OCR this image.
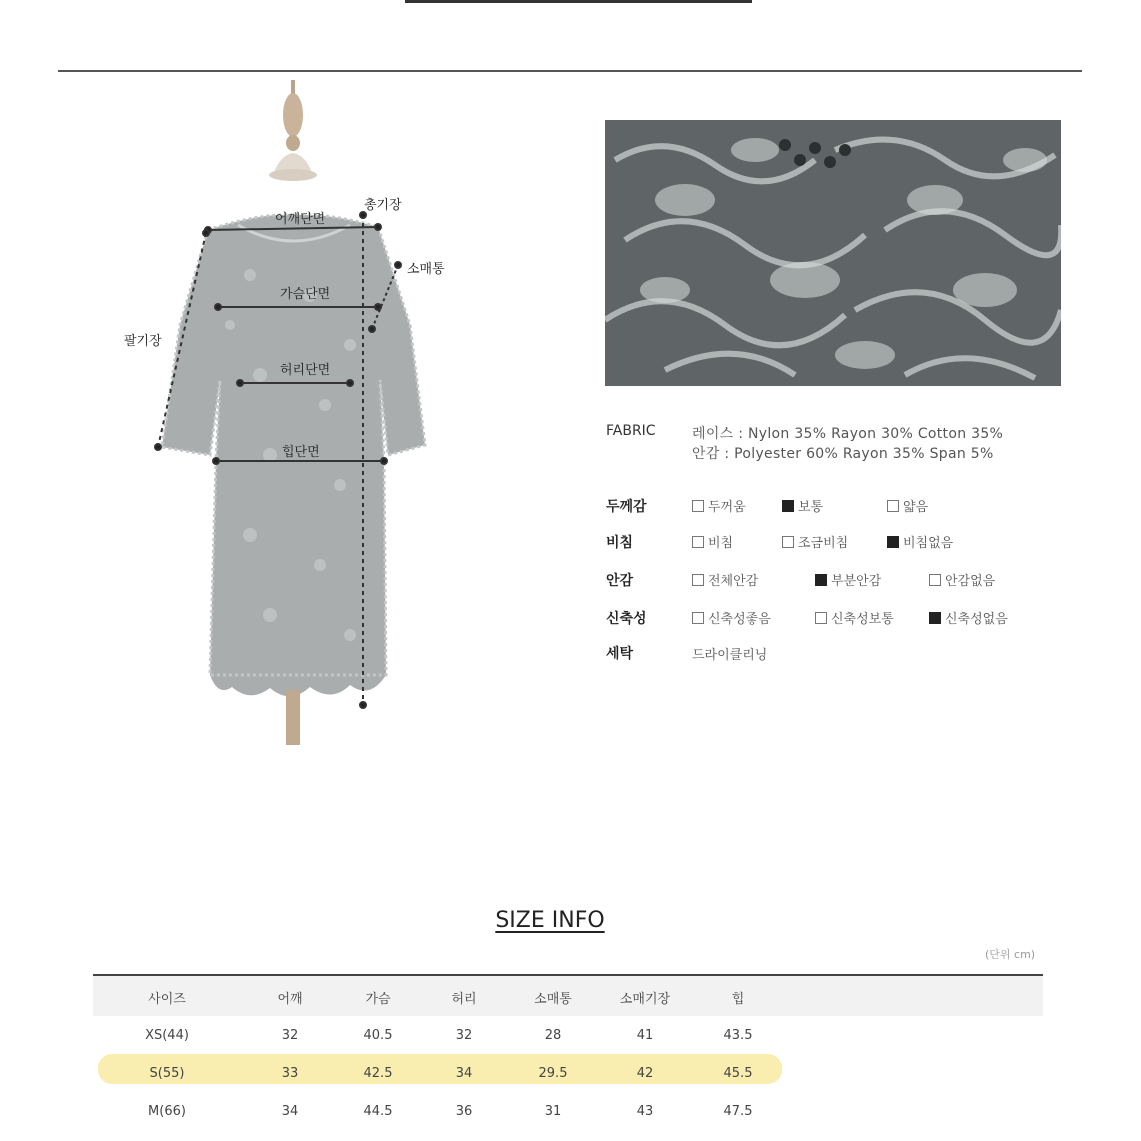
어깨단면
총기장
소매통
가슴단면
팔기장
허리단면
힙단면
FABRIC	레이스 : Nylon 35% Rayon 30% Cotton 35%
안감 : Polyester 60% Rayon 35% Span 5%
두께감	두꺼움	보통	얇음
비침	비침	조금비침	비침없음
안감	전체안감	부분안감	안감없음
신축성	신축성좋음	신축성보통	신축성없음
세탁	드라이클리닝
SIZE INFO
(단위 cm)
사이즈	어깨	가슴	허리	소매통	소매기장	힙
XS(44)	32	40.5	32	28	41	43.5
S(55)	33	42.5	34	29.5	42	45.5
M(66)	34	44.5	36	31	43	47.5
